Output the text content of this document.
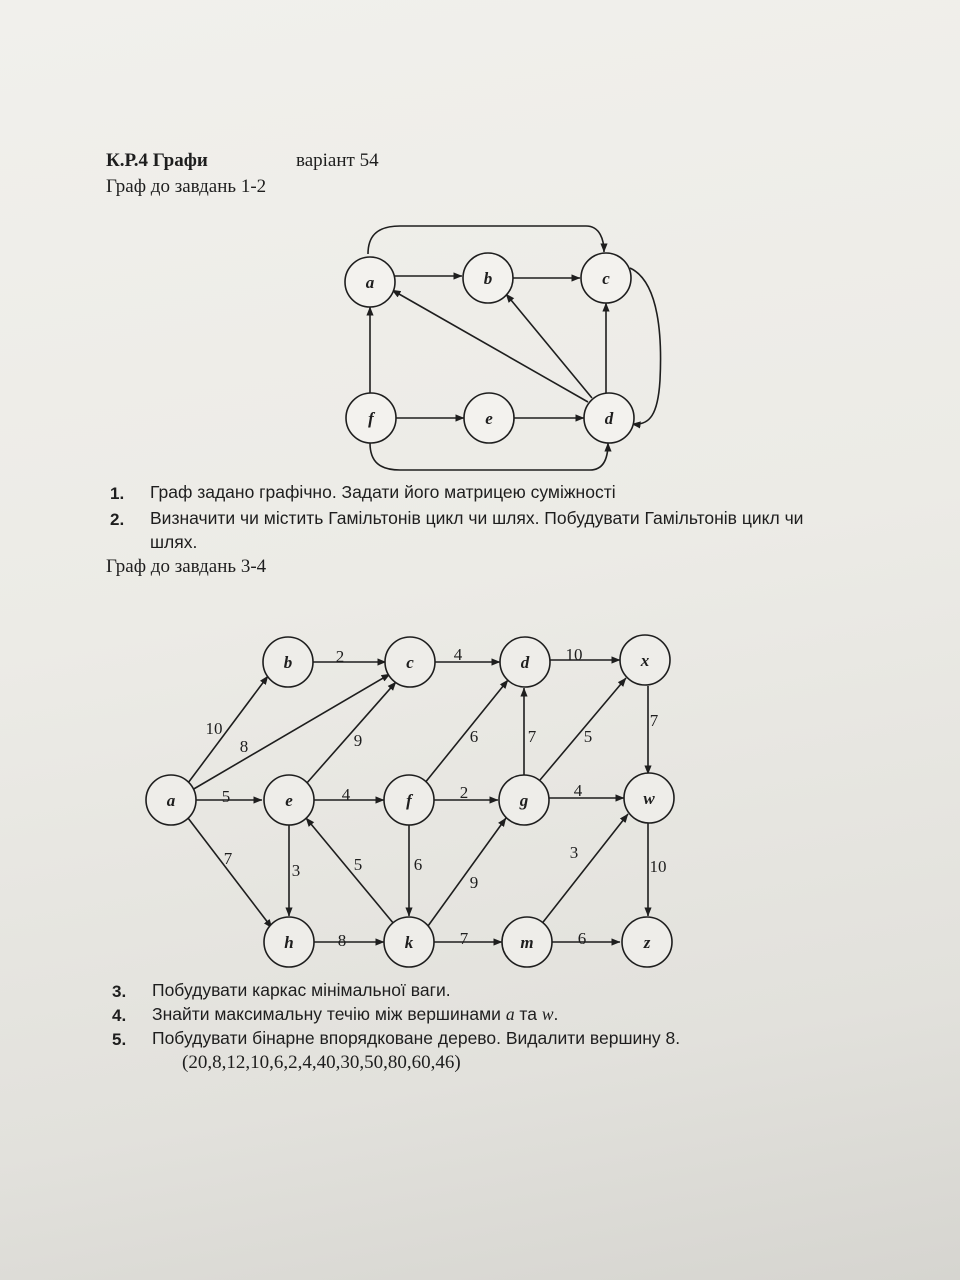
К.Р.4 Графи	варіант 54
Граф до завдань 1-2
a	b	c
f	e	d
a
b	c	d	x
e	f	g	w
h	k	m	z
10
8
5
7
2	4	10
9
4
3
6
2
6
7	5
4
7
5
9
8	7
3
6
10
1. Граф задано графічно. Задати його матрицею суміжності
2. Визначити чи містить Гамільтонів цикл чи шлях. Побудувати Гамільтонів цикл чи
шлях.
Граф до завдань 3-4
3. Побудувати каркас мінімальної ваги.
4. Знайти максимальну течію між вершинами a та w.
5. Побудувати бінарне впорядковане дерево. Видалити вершину 8.
(20,8,12,10,6,2,4,40,30,50,80,60,46)
